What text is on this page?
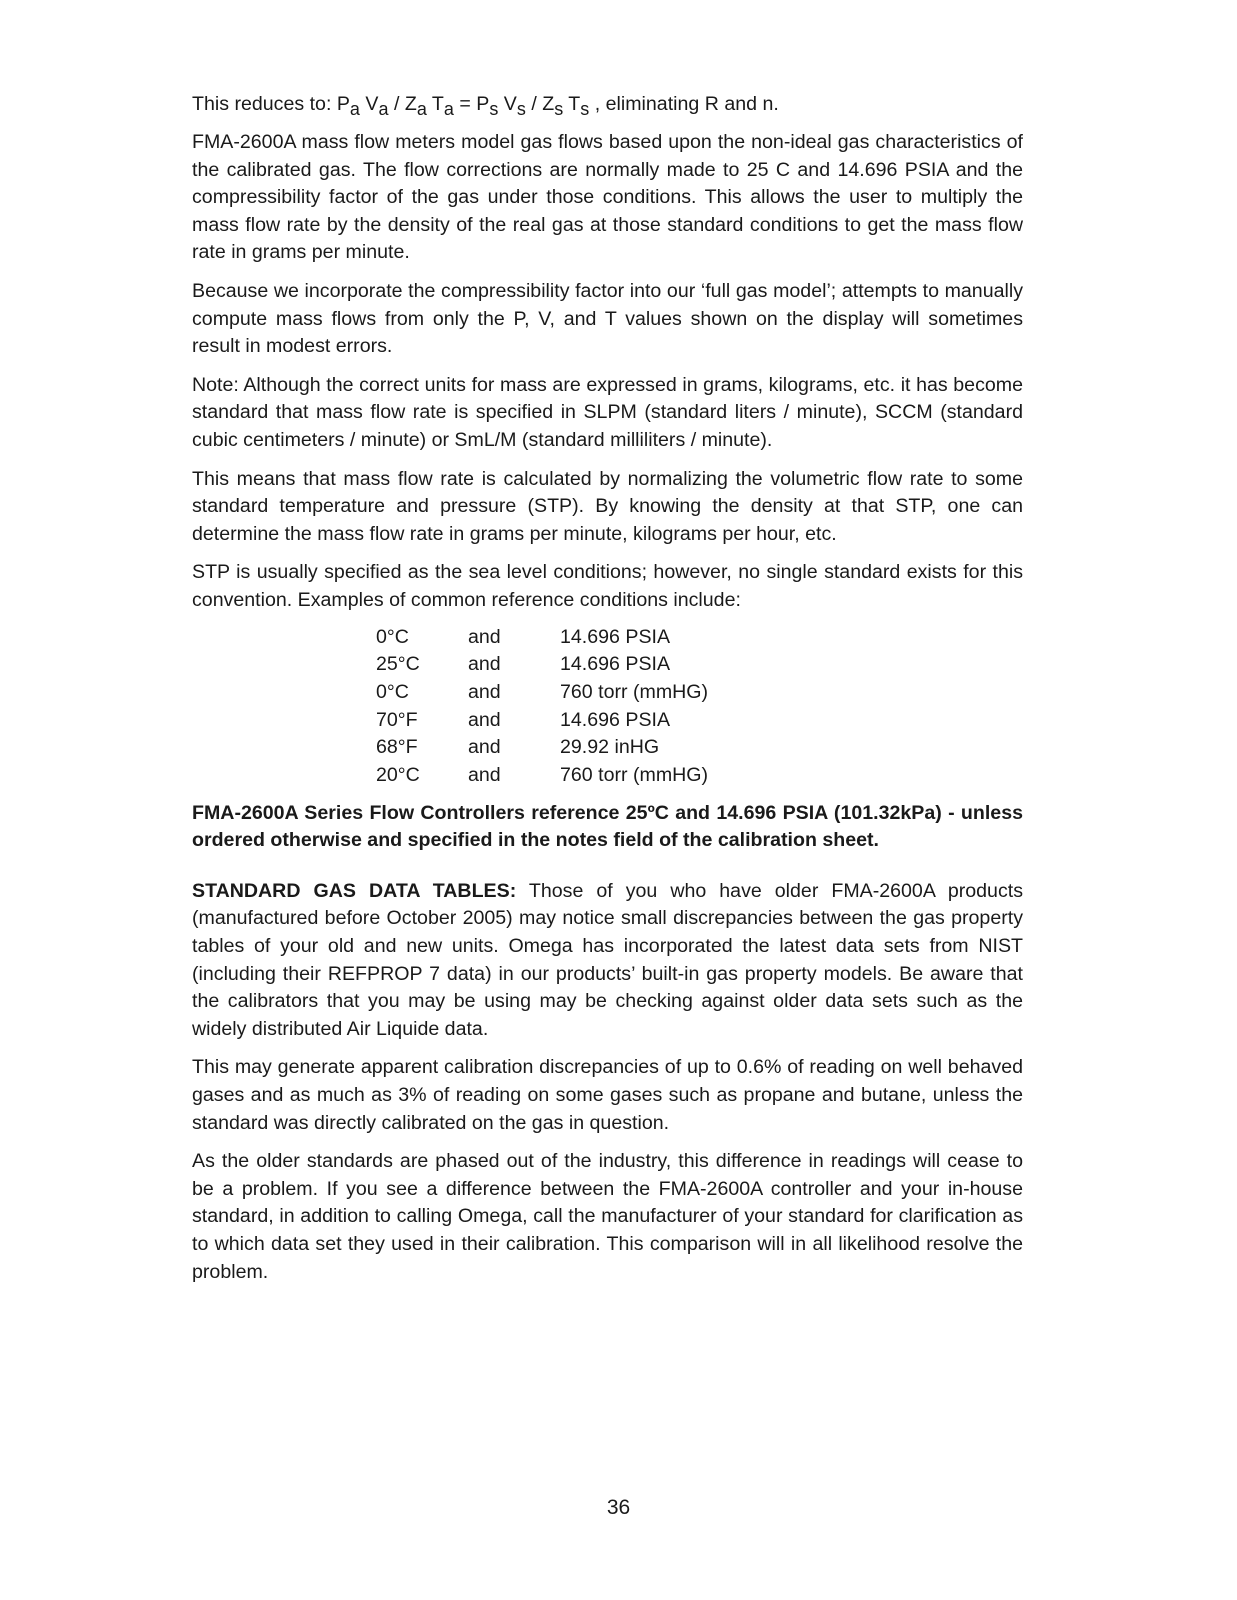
This reduces to: Pa Va / Za Ta = Ps Vs / Zs Ts , eliminating R and n.

FMA-2600A mass flow meters model gas flows based upon the non-ideal gas characteristics of the calibrated gas. The flow corrections are normally made to 25 C and 14.696 PSIA and the compressibility factor of the gas under those conditions. This allows the user to multiply the mass flow rate by the density of the real gas at those standard conditions to get the mass flow rate in grams per minute.

Because we incorporate the compressibility factor into our ‘full gas model’; attempts to manually compute mass flows from only the P, V, and T values shown on the display will sometimes result in modest errors.

Note: Although the correct units for mass are expressed in grams, kilograms, etc. it has become standard that mass flow rate is specified in SLPM (standard liters / minute), SCCM (standard cubic centimeters / minute) or SmL/M (standard milliliters / minute).

This means that mass flow rate is calculated by normalizing the volumetric flow rate to some standard temperature and pressure (STP). By knowing the density at that STP, one can determine the mass flow rate in grams per minute, kilograms per hour, etc.

STP is usually specified as the sea level conditions; however, no single standard exists for this convention. Examples of common reference conditions include:

0°C	and	14.696 PSIA
25°C	and	14.696 PSIA
0°C	and	760 torr (mmHG)
70°F	and	14.696 PSIA
68°F	and	29.92 inHG
20°C	and	760 torr (mmHG)

FMA-2600A Series Flow Controllers reference 25ºC and 14.696 PSIA (101.32kPa) - unless ordered otherwise and specified in the notes field of the calibration sheet.

STANDARD GAS DATA TABLES: Those of you who have older FMA-2600A products (manufactured before October 2005) may notice small discrepancies between the gas property tables of your old and new units. Omega has incorporated the latest data sets from NIST (including their REFPROP 7 data) in our products’ built-in gas property models. Be aware that the calibrators that you may be using may be checking against older data sets such as the widely distributed Air Liquide data.

This may generate apparent calibration discrepancies of up to 0.6% of reading on well behaved gases and as much as 3% of reading on some gases such as propane and butane, unless the standard was directly calibrated on the gas in question.

As the older standards are phased out of the industry, this difference in readings will cease to be a problem. If you see a difference between the FMA-2600A controller and your in-house standard, in addition to calling Omega, call the manufacturer of your standard for clarification as to which data set they used in their calibration. This comparison will in all likelihood resolve the problem.

36
